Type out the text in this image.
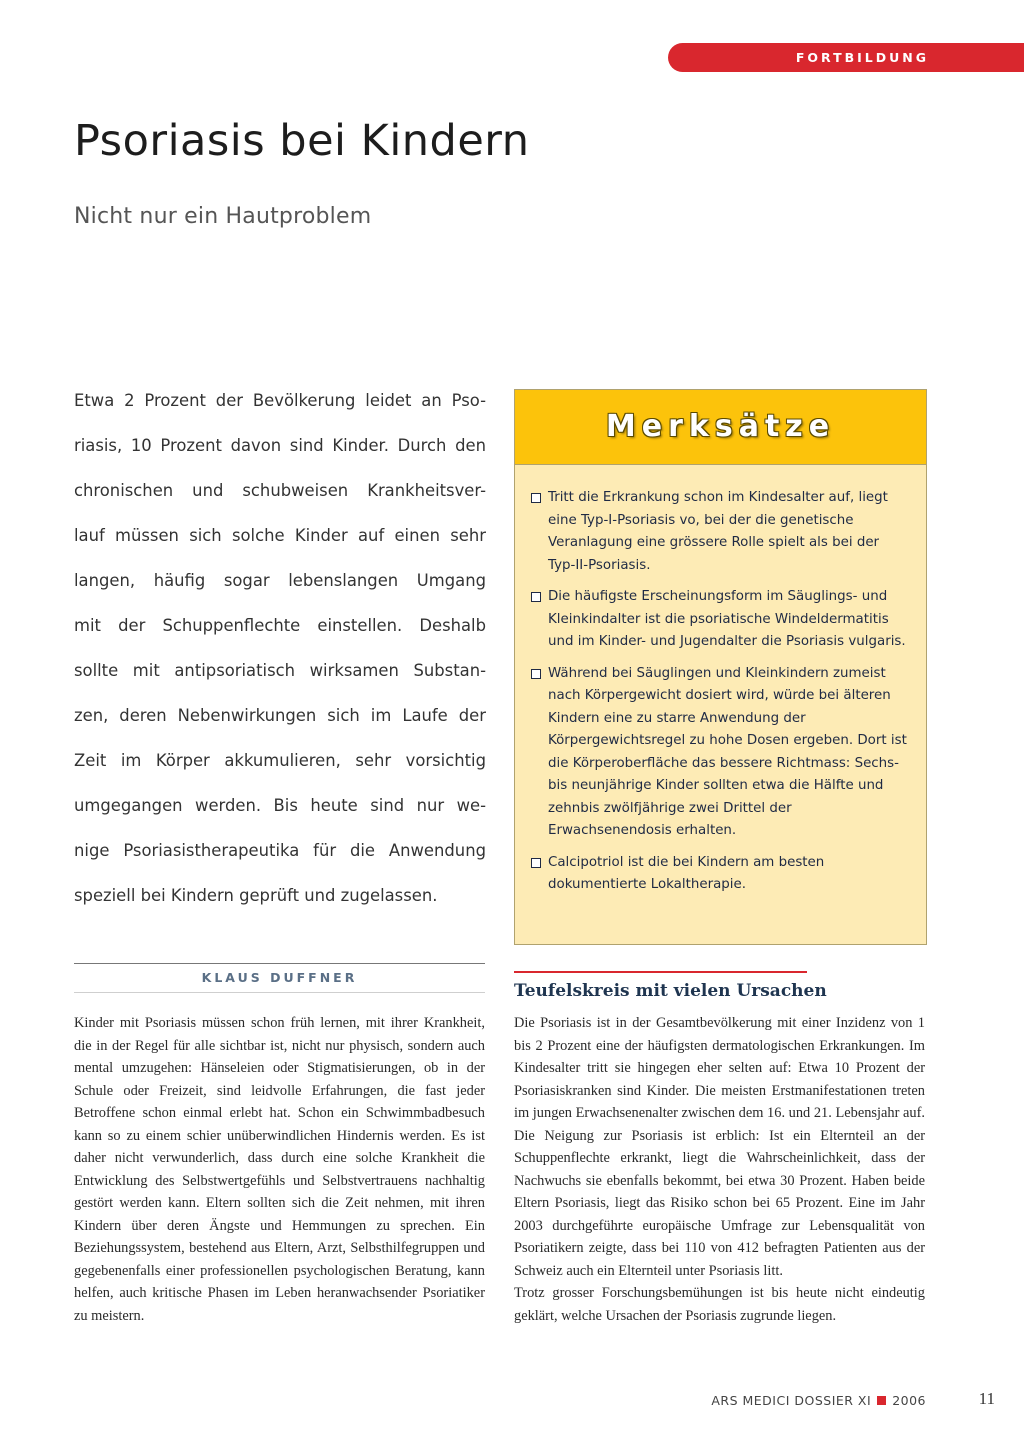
FORTBILDUNG
Psoriasis bei Kindern
Nicht nur ein Hautproblem

Etwa 2 Prozent der Bevölkerung leidet an Pso-
riasis, 10 Prozent davon sind Kinder. Durch den
chronischen und schubweisen Krankheitsver-
lauf müssen sich solche Kinder auf einen sehr
langen, häufig sogar lebenslangen Umgang
mit der Schuppenflechte einstellen. Deshalb
sollte mit antipsoriatisch wirksamen Substan-
zen, deren Nebenwirkungen sich im Laufe der
Zeit im Körper akkumulieren, sehr vorsichtig
umgegangen werden. Bis heute sind nur we-
nige Psoriasistherapeutika für die Anwendung
speziell bei Kindern geprüft und zugelassen.

Merksätze
Tritt die Erkrankung schon im Kindesalter auf, liegt eine Typ-I-Psoriasis vo, bei der die genetische Veranlagung eine grössere Rolle spielt als bei der Typ-II-Psoriasis.
Die häufigste Erscheinungsform im Säuglings- und Kleinkindalter ist die psoriatische Windeldermatitis und im Kinder- und Jugendalter die Psoriasis vulgaris.
Während bei Säuglingen und Kleinkindern zumeist nach Körpergewicht dosiert wird, würde bei älteren Kindern eine zu starre Anwendung der Körpergewichtsregel zu hohe Dosen ergeben. Dort ist die Körperoberfläche das bessere Richtmass: Sechs- bis neunjährige Kinder sollten etwa die Hälfte und zehnbis zwölfjährige zwei Drittel der Erwachsenendosis erhalten.
Calcipotriol ist die bei Kindern am besten dokumentierte Lokaltherapie.
KLAUS DUFFNER

Kinder mit Psoriasis müssen schon früh lernen, mit ihrer Krankheit, die in der Regel für alle sichtbar ist, nicht nur physisch, sondern auch mental umzugehen: Hänseleien oder Stigmatisierungen, ob in der Schule oder Freizeit, sind leidvolle Erfahrungen, die fast jeder Betroffene schon einmal erlebt hat. Schon ein Schwimmbadbesuch kann so zu einem schier unüberwindlichen Hindernis werden. Es ist daher nicht verwunderlich, dass durch eine solche Krankheit die Entwicklung des Selbstwertgefühls und Selbstvertrauens nachhaltig gestört werden kann. Eltern sollten sich die Zeit nehmen, mit ihren Kindern über deren Ängste und Hemmungen zu sprechen. Ein Beziehungssystem, bestehend aus Eltern, Arzt, Selbsthilfegruppen und gegebenenfalls einer professionellen psychologischen Beratung, kann helfen, auch kritische Phasen im Leben heranwachsender Psoriatiker zu meistern.

Teufelskreis mit vielen Ursachen
Die Psoriasis ist in der Gesamtbevölkerung mit einer Inzidenz von 1 bis 2 Prozent eine der häufigsten dermatologischen Erkrankungen. Im Kindesalter tritt sie hingegen eher selten auf: Etwa 10 Prozent der Psoriasiskranken sind Kinder. Die meisten Erstmanifestationen treten im jungen Erwachsenenalter zwischen dem 16. und 21. Lebensjahr auf. Die Neigung zur Psoriasis ist erblich: Ist ein Elternteil an der Schuppenflechte erkrankt, liegt die Wahrscheinlichkeit, dass der Nachwuchs sie ebenfalls bekommt, bei etwa 30 Prozent. Haben beide Eltern Psoriasis, liegt das Risiko schon bei 65 Prozent. Eine im Jahr 2003 durchgeführte europäische Umfrage zur Lebensqualität von Psoriatikern zeigte, dass bei 110 von 412 befragten Patienten aus der Schweiz auch ein Elternteil unter Psoriasis litt.
Trotz grosser Forschungsbemühungen ist bis heute nicht eindeutig geklärt, welche Ursachen der Psoriasis zugrunde liegen.
ARS MEDICI DOSSIER XI 2006	11
